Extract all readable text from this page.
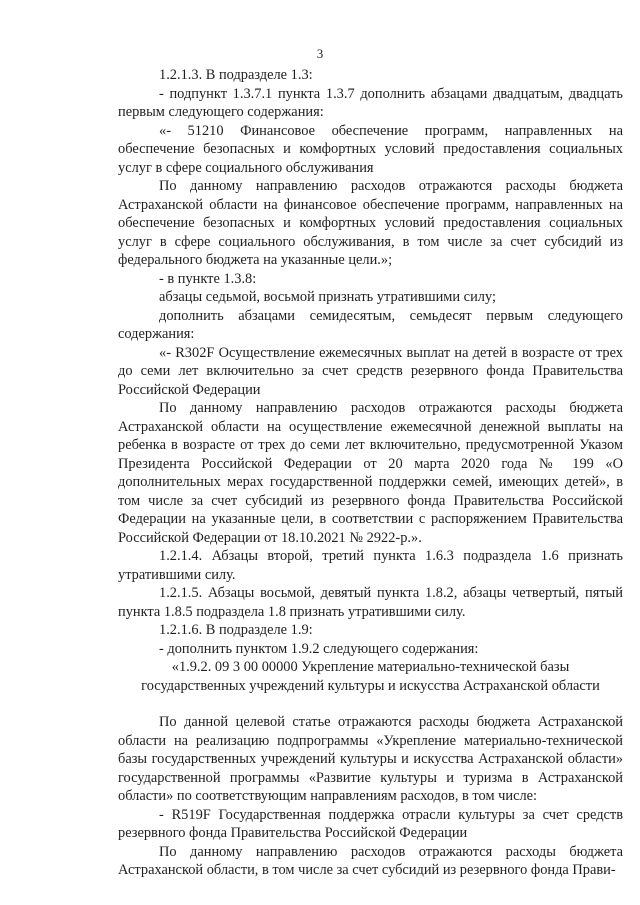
3

1.2.1.3. В подразделе 1.3:

- подпункт 1.3.7.1 пункта 1.3.7 дополнить абзацами двадцатым, двадцать первым следующего содержания:

«- 51210 Финансовое обеспечение программ, направленных на обеспечение безопасных и комфортных условий предоставления социальных услуг в сфере социального обслуживания

По данному направлению расходов отражаются расходы бюджета Астраханской области на финансовое обеспечение программ, направленных на обеспечение безопасных и комфортных условий предоставления социальных услуг в сфере социального обслуживания, в том числе за счет субсидий из федерального бюджета на указанные цели.»;

- в пункте 1.3.8:

абзацы седьмой, восьмой признать утратившими силу;

дополнить абзацами семидесятым, семьдесят первым следующего содержания:

«- R302F Осуществление ежемесячных выплат на детей в возрасте от трех до семи лет включительно за счет средств резервного фонда Правительства Российской Федерации

По данному направлению расходов отражаются расходы бюджета Астраханской области на осуществление ежемесячной денежной выплаты на ребенка в возрасте от трех до семи лет включительно, предусмотренной Указом Президента Российской Федерации от 20 марта 2020 года № 199 «О дополнительных мерах государственной поддержки семей, имеющих детей», в том числе за счет субсидий из резервного фонда Правительства Российской Федерации на указанные цели, в соответствии с распоряжением Правительства Российской Федерации от 18.10.2021 № 2922-р.».

1.2.1.4. Абзацы второй, третий пункта 1.6.3 подраздела 1.6 признать утратившими силу.

1.2.1.5. Абзацы восьмой, девятый пункта 1.8.2, абзацы четвертый, пятый пункта 1.8.5 подраздела 1.8 признать утратившими силу.

1.2.1.6. В подразделе 1.9:

- дополнить пунктом 1.9.2 следующего содержания:

«1.9.2. 09 3 00 00000 Укрепление материально-технической базы государственных учреждений культуры и искусства Астраханской области

По данной целевой статье отражаются расходы бюджета Астраханской области на реализацию подпрограммы «Укрепление материально-технической базы государственных учреждений культуры и искусства Астраханской области» государственной программы «Развитие культуры и туризма в Астраханской области» по соответствующим направлениям расходов, в том числе:

- R519F Государственная поддержка отрасли культуры за счет средств резервного фонда Правительства Российской Федерации

По данному направлению расходов отражаются расходы бюджета Астраханской области, в том числе за счет субсидий из резервного фонда Прави-
